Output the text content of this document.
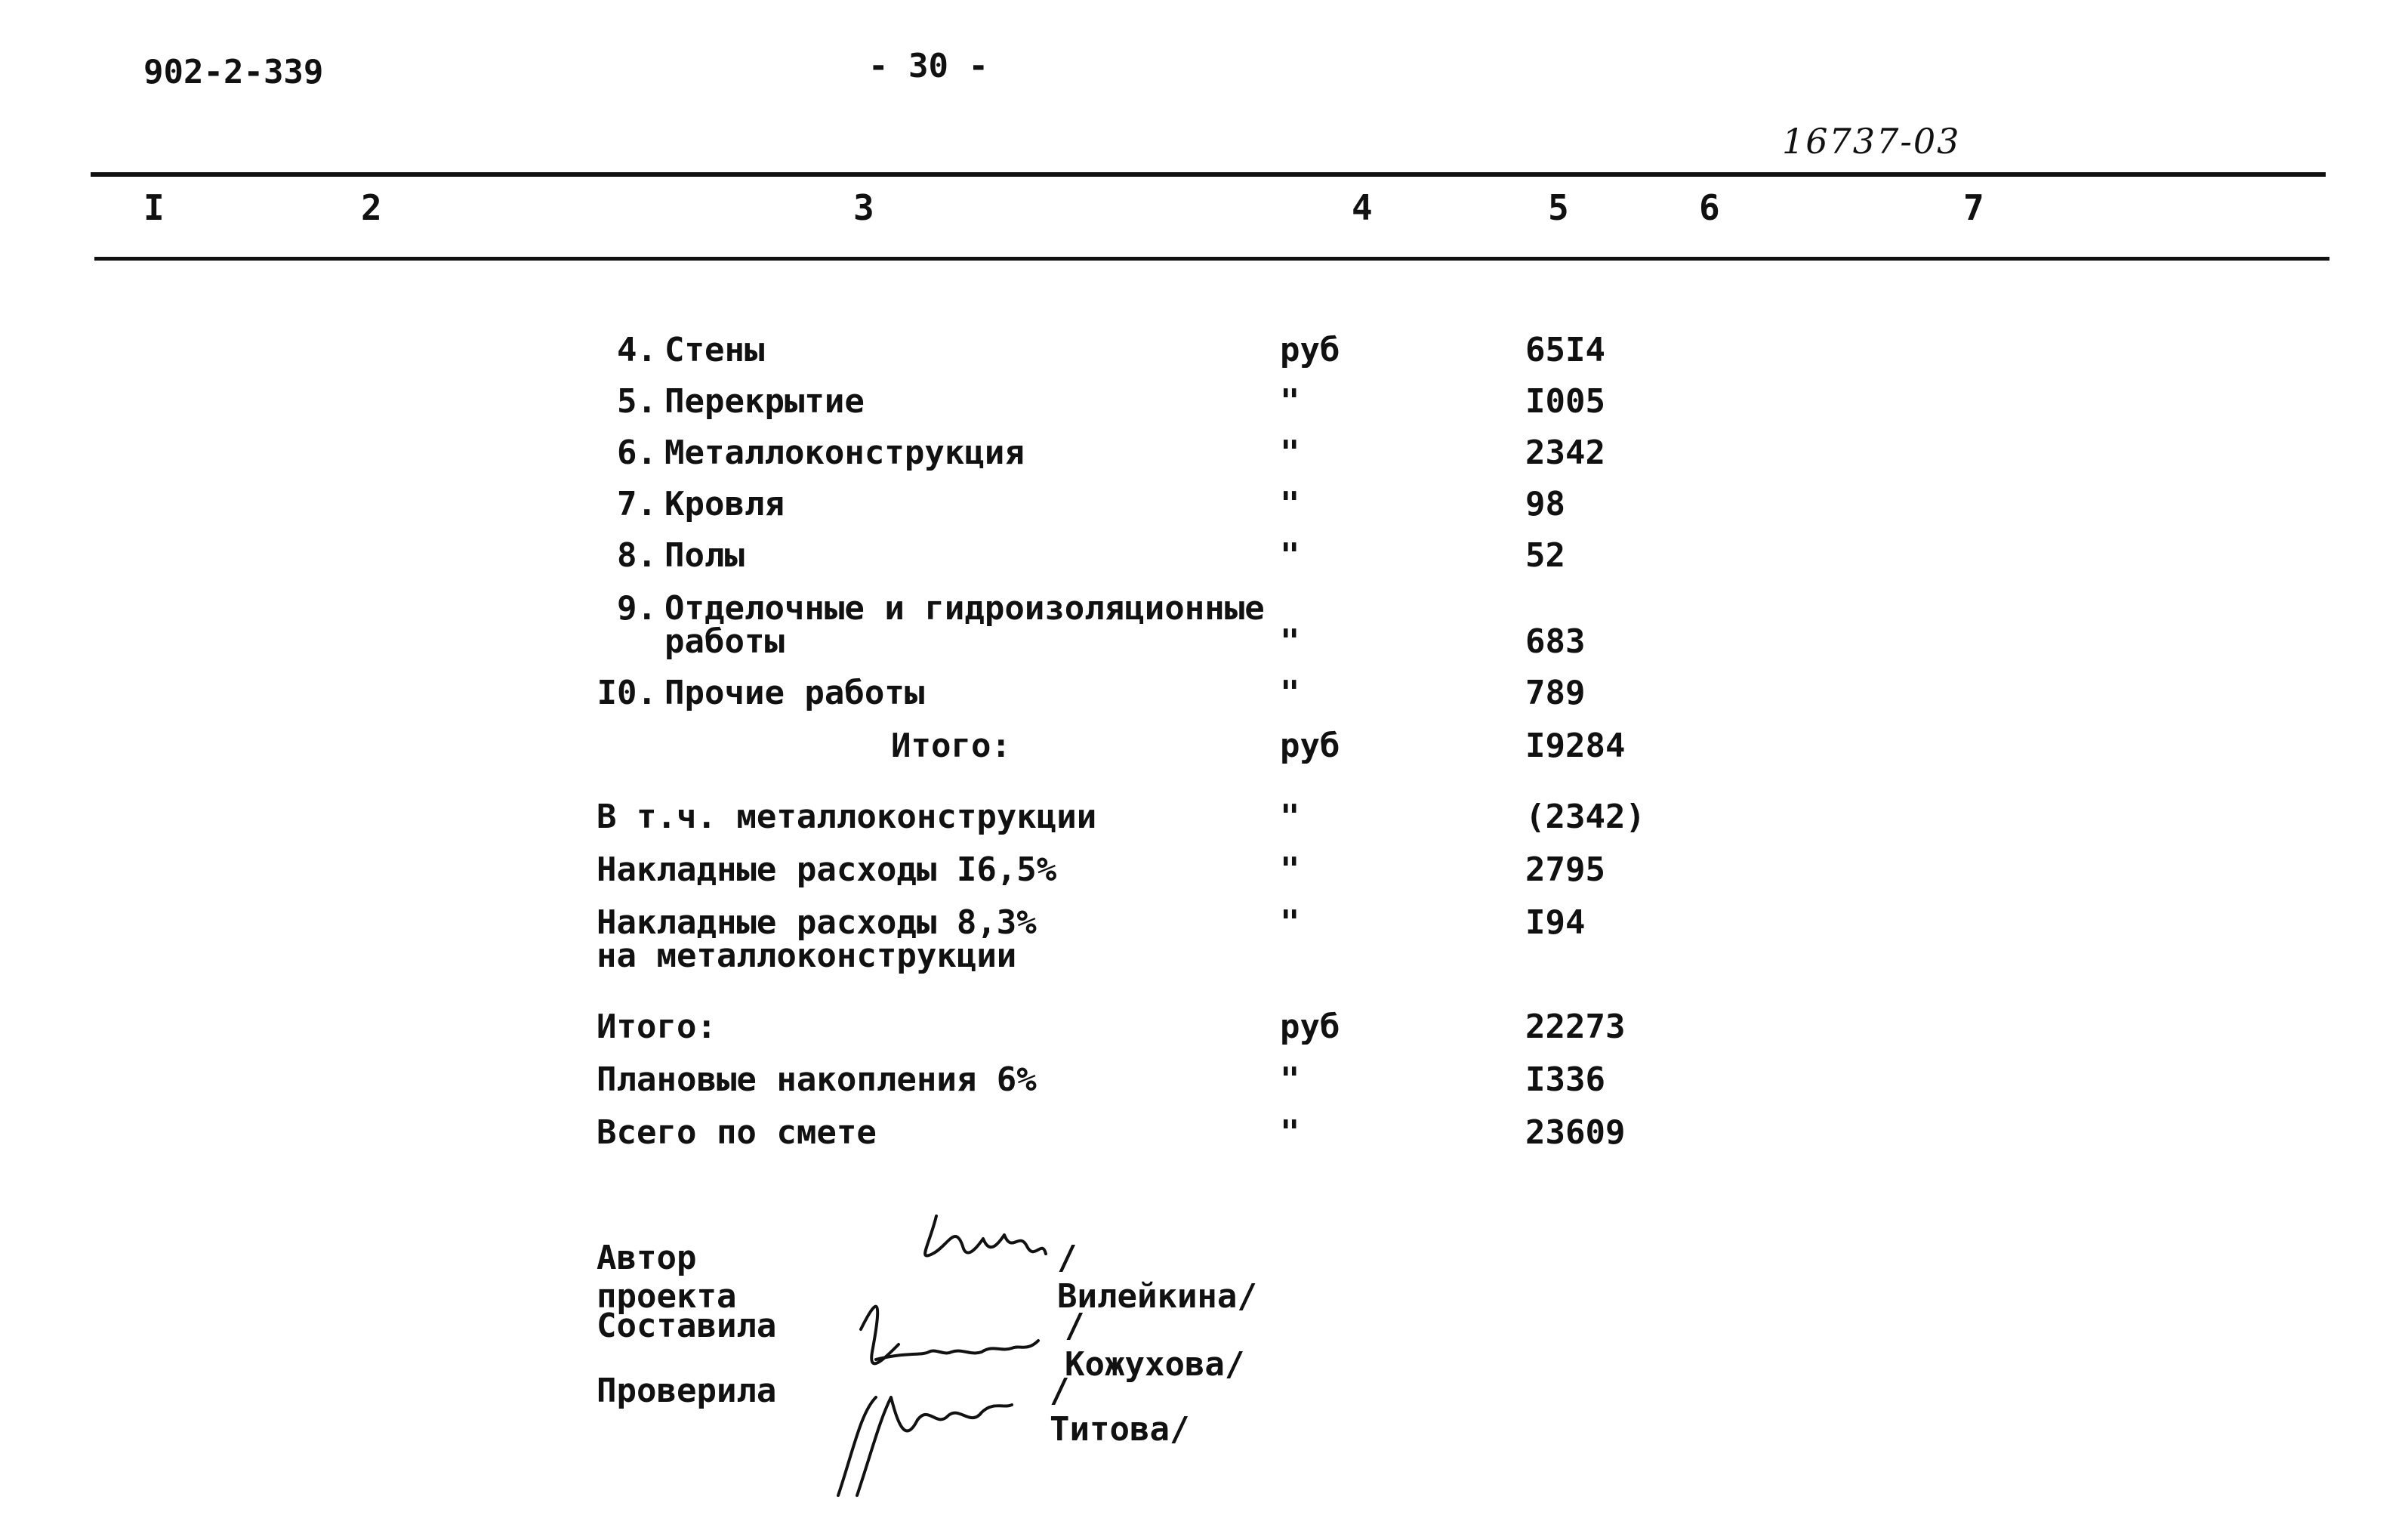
902-2-339	- 30 -
16737-03
I	2	3	4	5	6	7
4. Стены	руб	65I4
5. Перекрытие	"	I005
6. Металлоконструкция	"	2342
7. Кровля	"	98
8. Полы	"	52
9. Отделочные и гидроизоляционные
работы	"	683
I0. Прочие работы	"	789
Итого:	руб	I9284
В т.ч. металлоконструкции	"	(2342)
Накладные расходы I6,5%	"	2795
Накладные расходы 8,3%
на металлоконструкции
"	I94
Итого:	руб	22273
Плановые накопления 6%	"	I336
Всего по смете	"	23609
Автор проекта
/Вилейкина/
Составила	/Кожухова/
Проверила	/Титова/
